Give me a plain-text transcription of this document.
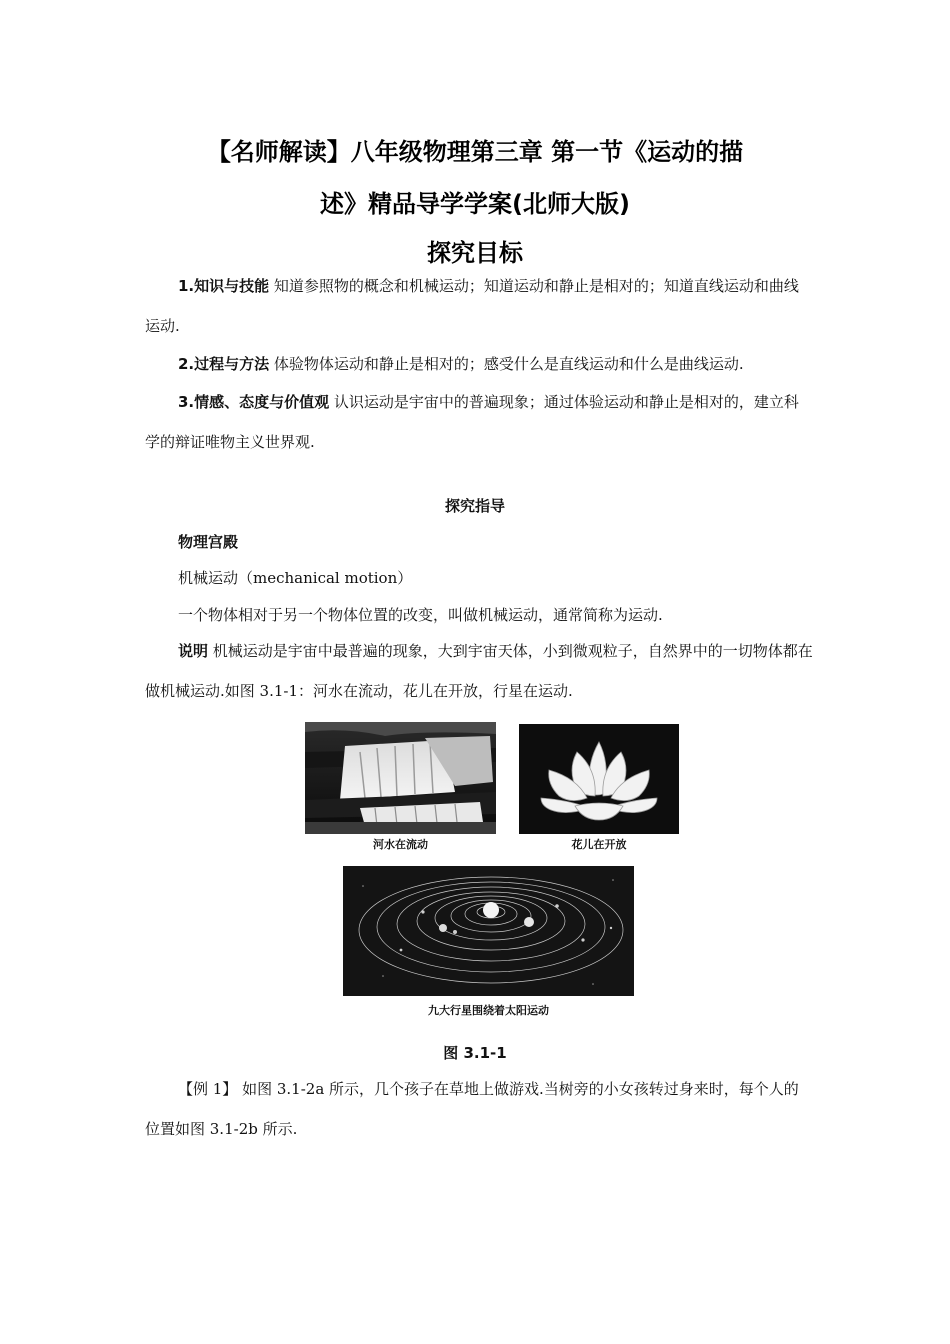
【名师解读】八年级物理第三章 第一节《运动的描
述》精品导学学案(北师大版)
探究目标
1.知识与技能 知道参照物的概念和机械运动；知道运动和静止是相对的；知道直线运动和曲线运动.
2.过程与方法 体验物体运动和静止是相对的；感受什么是直线运动和什么是曲线运动.
3.情感、态度与价值观 认识运动是宇宙中的普遍现象；通过体验运动和静止是相对的，建立科学的辩证唯物主义世界观.
探究指导
物理宫殿
机械运动（mechanical motion）
一个物体相对于另一个物体位置的改变，叫做机械运动，通常简称为运动.
说明 机械运动是宇宙中最普遍的现象，大到宇宙天体，小到微观粒子，自然界中的一切物体都在做机械运动.如图 3.1-1：河水在流动，花儿在开放，行星在运动.
河水在流动	花儿在开放
九大行星围绕着太阳运动
图 3.1-1
【例 1】 如图 3.1-2a 所示，几个孩子在草地上做游戏.当树旁的小女孩转过身来时，每个人的位置如图 3.1-2b 所示.
